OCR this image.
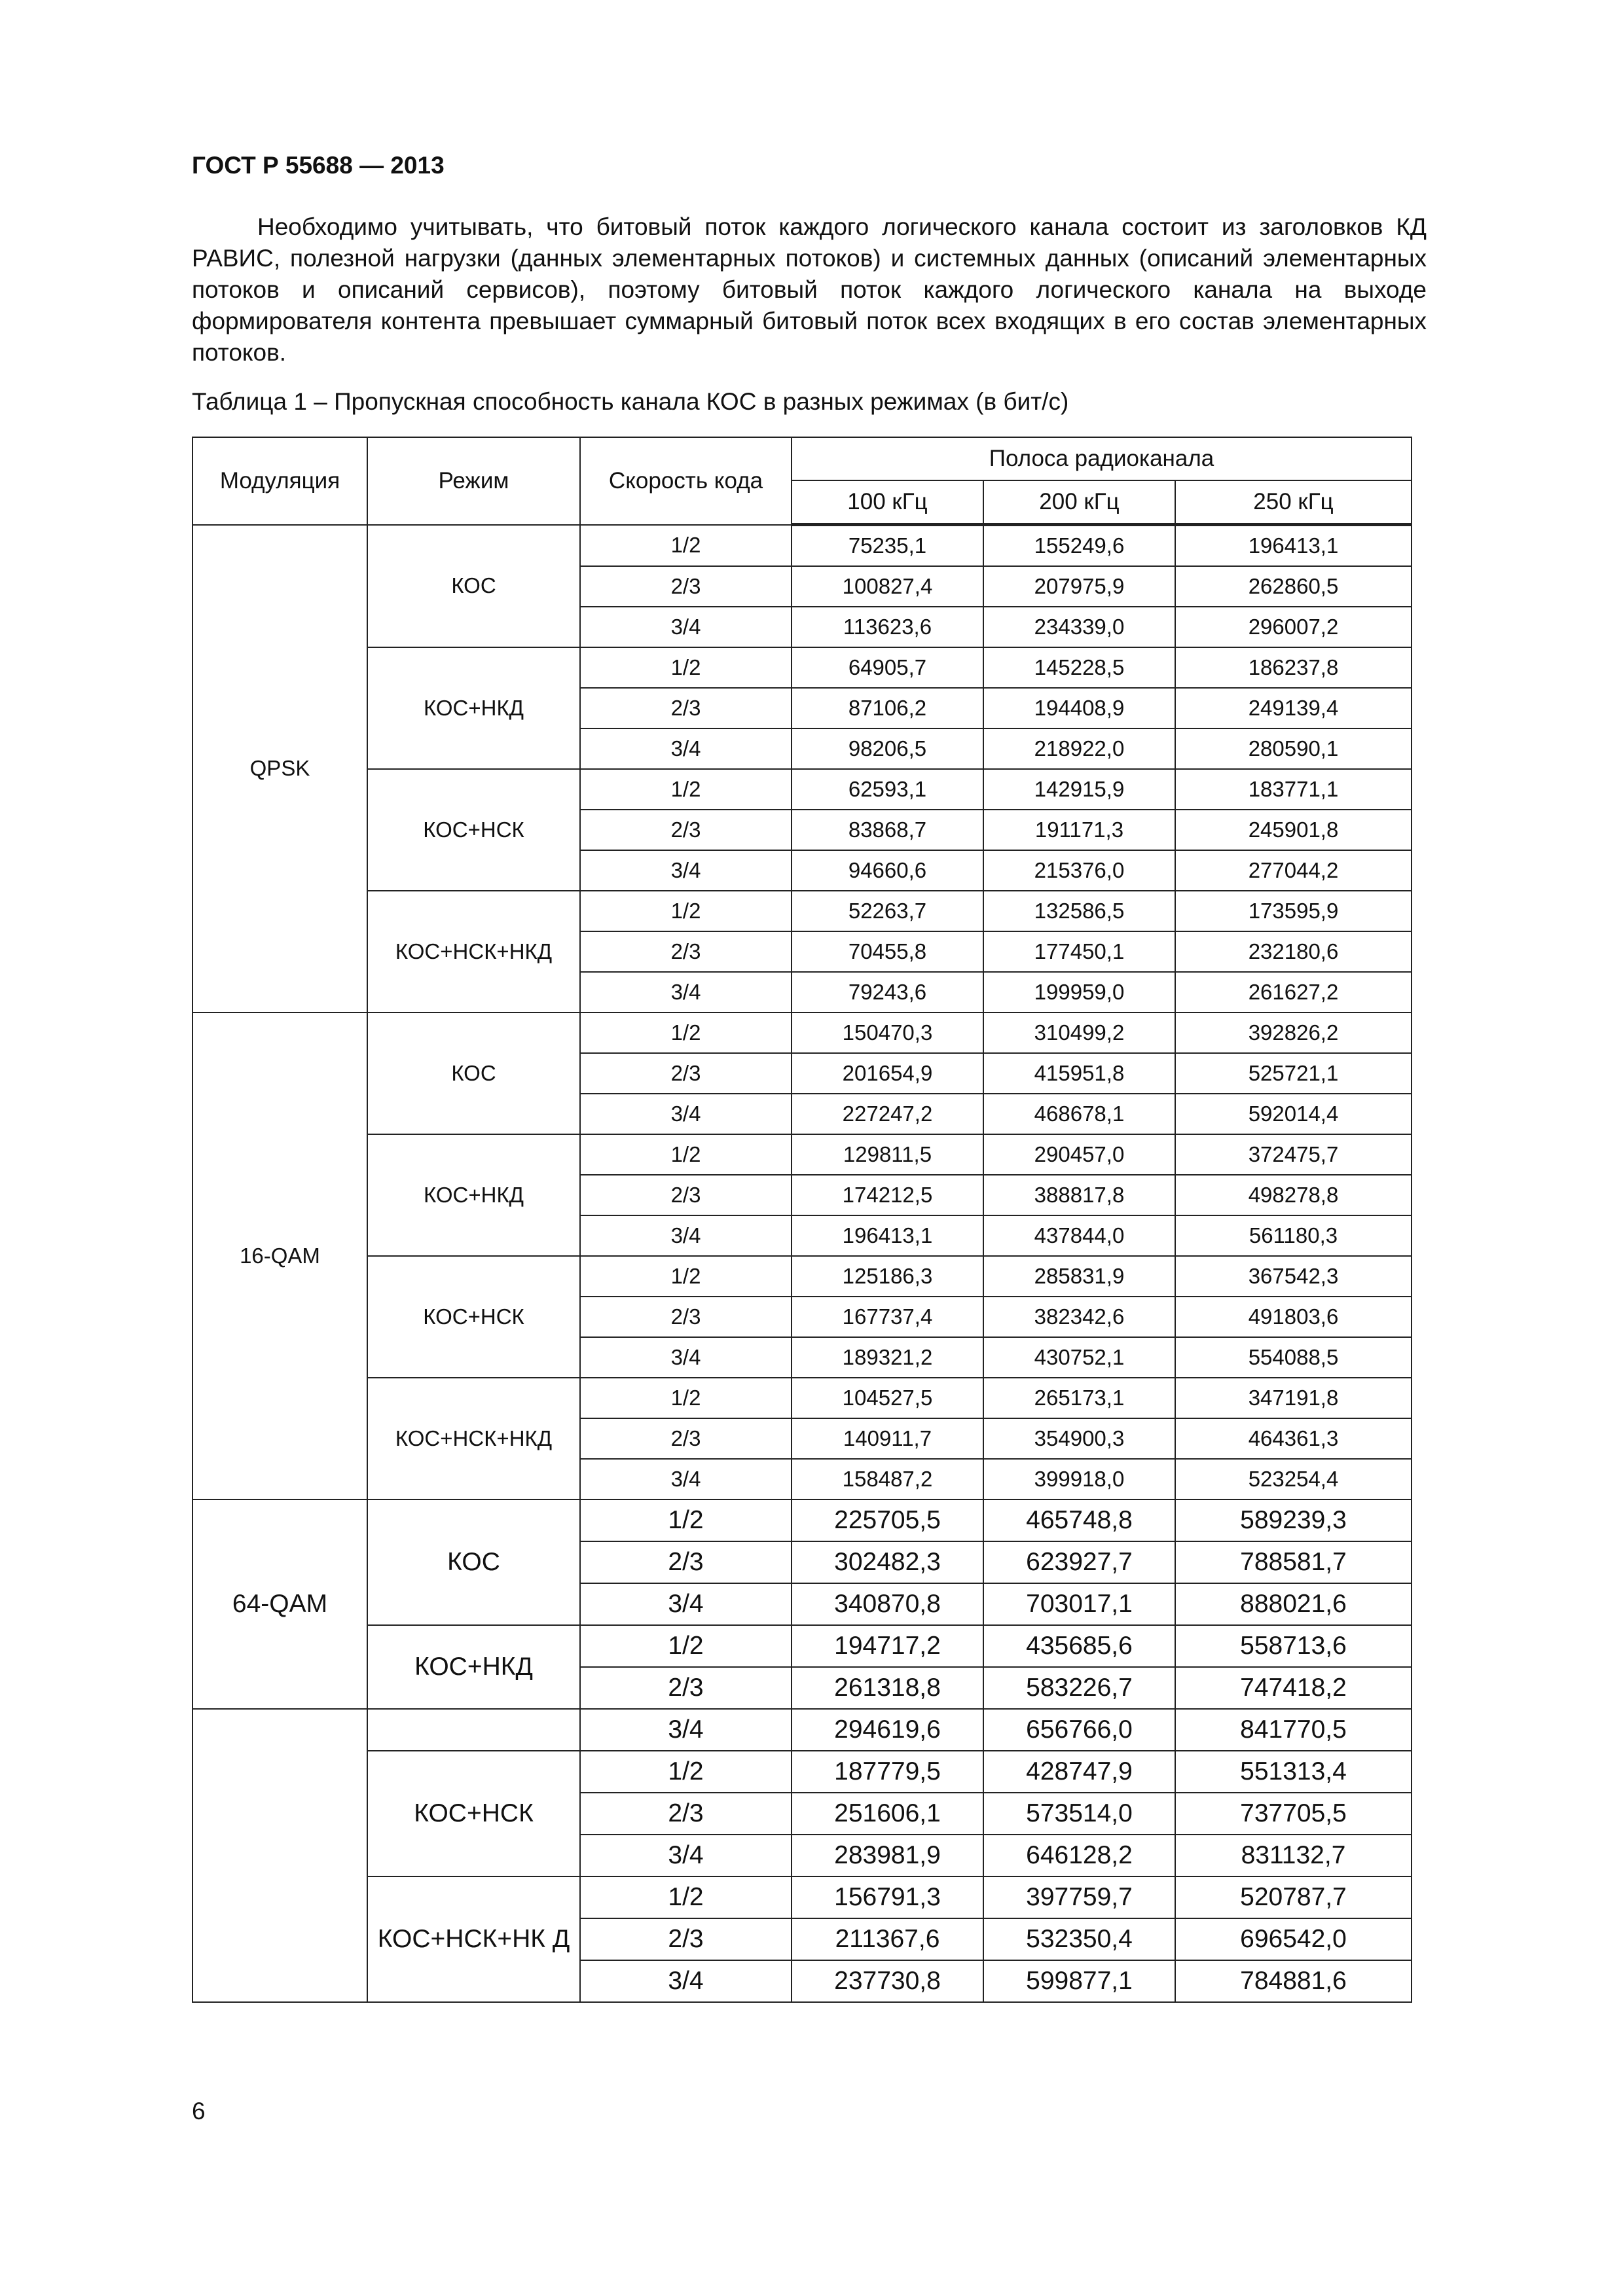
ГОСТ Р 55688 — 2013
Необходимо учитывать, что битовый поток каждого логического канала состоит из заголовков КД РАВИС, полезной нагрузки (данных элементарных потоков) и системных данных (описаний элементарных потоков и описаний сервисов), поэтому битовый поток каждого логического канала на выходе формирователя контента превышает суммарный битовый поток всех входящих в его состав элементарных потоков.
Таблица 1 – Пропускная способность канала КОС в разных режимах (в бит/с)
Модуляция	Режим	Скорость кода	Полоса радиоканала		
			100 кГц	200 кГц	250 кГц
QPSK	КОС	1/2	75235,1	155249,6	196413,1
		2/3	100827,4	207975,9	262860,5
		3/4	113623,6	234339,0	296007,2
	КОС+НКД	1/2	64905,7	145228,5	186237,8
		2/3	87106,2	194408,9	249139,4
		3/4	98206,5	218922,0	280590,1
	КОС+НСК	1/2	62593,1	142915,9	183771,1
		2/3	83868,7	191171,3	245901,8
		3/4	94660,6	215376,0	277044,2
	КОС+НСК+НКД	1/2	52263,7	132586,5	173595,9
		2/3	70455,8	177450,1	232180,6
		3/4	79243,6	199959,0	261627,2
16-QAM	КОС	1/2	150470,3	310499,2	392826,2
		2/3	201654,9	415951,8	525721,1
		3/4	227247,2	468678,1	592014,4
	КОС+НКД	1/2	129811,5	290457,0	372475,7
		2/3	174212,5	388817,8	498278,8
		3/4	196413,1	437844,0	561180,3
	КОС+НСК	1/2	125186,3	285831,9	367542,3
		2/3	167737,4	382342,6	491803,6
		3/4	189321,2	430752,1	554088,5
	КОС+НСК+НКД	1/2	104527,5	265173,1	347191,8
		2/3	140911,7	354900,3	464361,3
		3/4	158487,2	399918,0	523254,4
64-QAM	КОС	1/2	225705,5	465748,8	589239,3
		2/3	302482,3	623927,7	788581,7
		3/4	340870,8	703017,1	888021,6
	КОС+НКД	1/2	194717,2	435685,6	558713,6
		2/3	261318,8	583226,7	747418,2
		3/4	294619,6	656766,0	841770,5
	КОС+НСК	1/2	187779,5	428747,9	551313,4
		2/3	251606,1	573514,0	737705,5
		3/4	283981,9	646128,2	831132,7
	КОС+НСК+НК Д	1/2	156791,3	397759,7	520787,7
		2/3	211367,6	532350,4	696542,0
		3/4	237730,8	599877,1	784881,6
6
